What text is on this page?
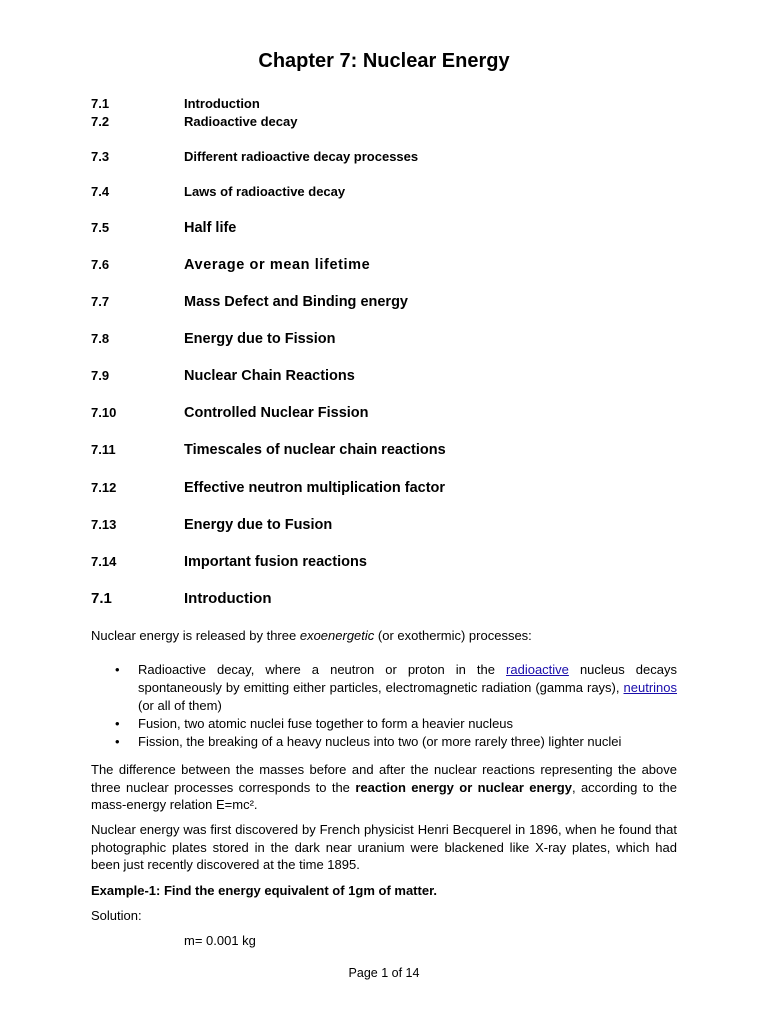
Chapter 7: Nuclear Energy
7.1	Introduction
7.2	Radioactive decay
7.3	Different radioactive decay processes
7.4	Laws of radioactive decay
7.5	Half life
7.6	Average or mean lifetime
7.7	Mass Defect and Binding energy
7.8	Energy due to Fission
7.9	Nuclear Chain Reactions
7.10	Controlled Nuclear Fission
7.11	Timescales of nuclear chain reactions
7.12	Effective neutron multiplication factor
7.13	Energy due to Fusion
7.14	Important fusion reactions
7.1	Introduction
Nuclear energy is released by three exoenergetic (or exothermic) processes:
• Radioactive decay, where a neutron or proton in the radioactive nucleus decays spontaneously by emitting either particles, electromagnetic radiation (gamma rays), neutrinos (or all of them)
• Fusion, two atomic nuclei fuse together to form a heavier nucleus
• Fission, the breaking of a heavy nucleus into two (or more rarely three) lighter nuclei
The difference between the masses before and after the nuclear reactions representing the above three nuclear processes corresponds to the reaction energy or nuclear energy, according to the mass-energy relation E=mc².
Nuclear energy was first discovered by French physicist Henri Becquerel in 1896, when he found that photographic plates stored in the dark near uranium were blackened like X-ray plates, which had been just recently discovered at the time 1895.
Example-1: Find the energy equivalent of 1gm of matter.
Solution:
m= 0.001 kg
Page 1 of 14
